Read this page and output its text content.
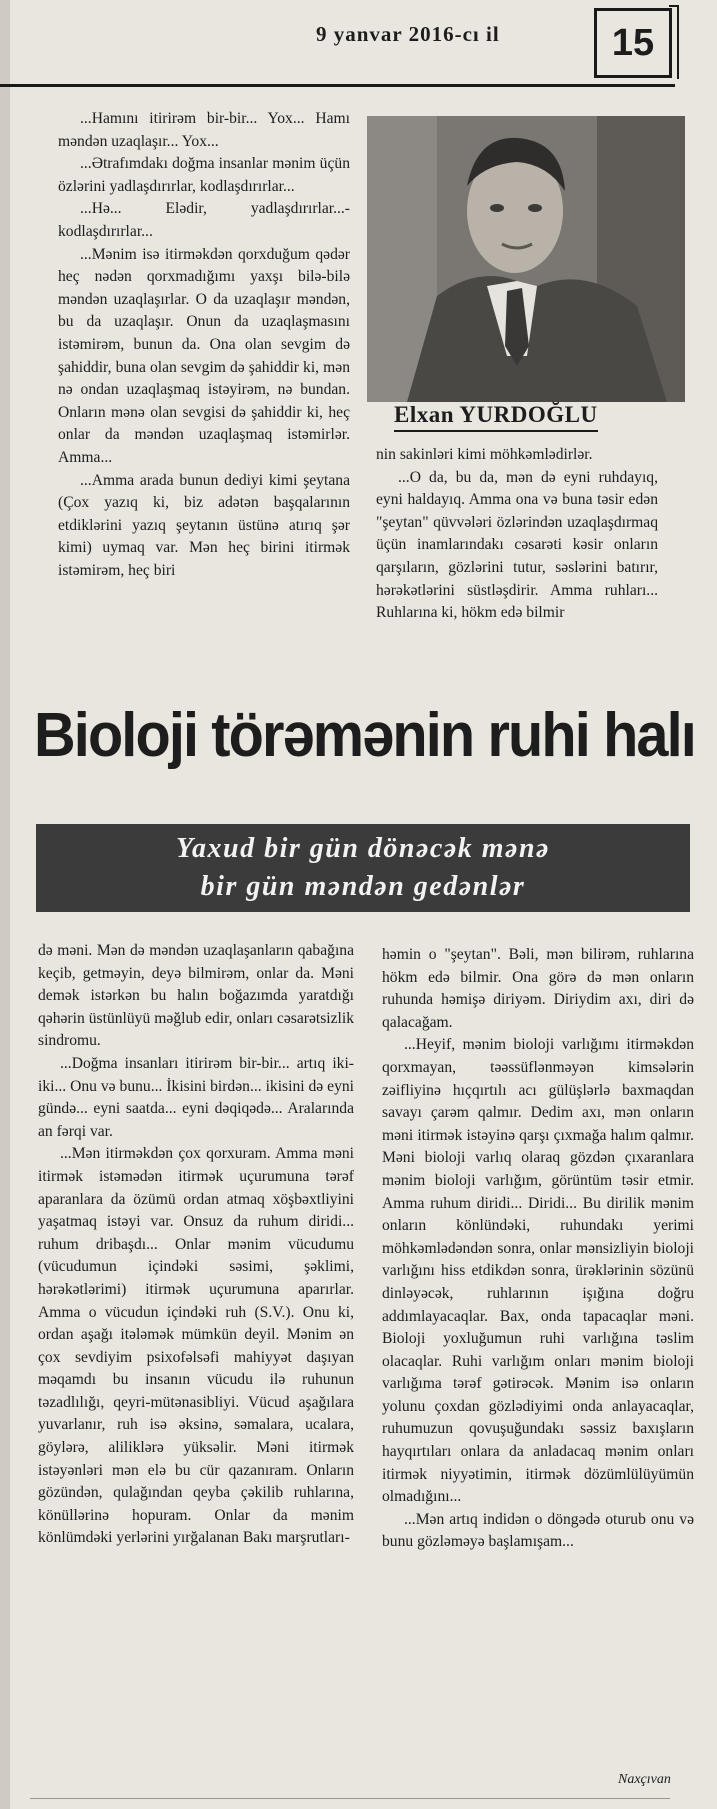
9 yanvar 2016-cı il	15

...Hamını itirirəm bir-bir... Yox... Hamı məndən uzaqlaşır... Yox...

...Ətrafımdakı doğma insanlar mənim üçün özlərini yadlaşdırırlar, kodlaşdırırlar...

...Hə... Elədir, yadlaşdırırlar...-kodlaşdırırlar...

...Mənim isə itirməkdən qorxduğum qədər heç nədən qorxmadığımı yaxşı bilə-bilə məndən uzaqlaşırlar. O da uzaqlaşır məndən, bu da uzaqlaşır. Onun da uzaqlaşmasını istəmirəm, bunun da. Ona olan sevgim də şahiddir, buna olan sevgim də şahiddir ki, mən nə ondan uzaqlaşmaq istəyirəm, nə bundan. Onların mənə olan sevgisi də şahiddir ki, heç onlar da məndən uzaqlaşmaq istəmirlər. Amma...

...Amma arada bunun dediyi kimi şeytana (Çox yazıq ki, biz adətən başqalarının etdiklərini yazıq şeytanın üstünə atırıq şər kimi) uymaq var. Mən heç birini itirmək istəmirəm, heç biri

Elxan YURDOĞLU

nin sakinləri kimi möhkəmlədirlər.

...O da, bu da, mən də eyni ruhdayıq, eyni haldayıq. Amma ona və buna təsir edən "şeytan" qüvvələri özlərindən uzaqlaşdırmaq üçün inamlarındakı cəsarəti kəsir onların qarşıların, gözlərini tutur, səslərini batırır, hərəkətlərini süstləşdirir. Amma ruhları... Ruhlarına ki, hökm edə bilmir

Bioloji törəmənin ruhi halı
Yaxud bir gün dönəcək mənə
bir gün məndən gedənlər

də məni. Mən də məndən uzaqlaşanların qabağına keçib, getməyin, deyə bilmirəm, onlar da. Məni demək istərkən bu halın boğazımda yaratdığı qəhərin üstünlüyü məğlub edir, onları cəsarətsizlik sindromu.

...Doğma insanları itirirəm bir-bir... artıq iki-iki... Onu və bunu... İkisini birdən... ikisini də eyni gündə... eyni saatda... eyni dəqiqədə... Aralarında an fərqi var.

...Mən itirməkdən çox qorxuram. Amma məni itirmək istəmədən itirmək uçurumuna tərəf aparanlara da özümü ordan atmaq xöşbəxtliyini yaşatmaq istəyi var. Onsuz da ruhum diridi... ruhum dribaşdı... Onlar mənim vücudumu (vücudumun içindəki səsimi, şəklimi, hərəkətlərimi) itirmək uçurumuna aparırlar. Amma o vücudun içindəki ruh (S.V.). Onu ki, ordan aşağı itələmək mümkün deyil. Mənim ən çox sevdiyim psixofəlsəfi mahiyyət daşıyan məqamdı bu insanın vücudu ilə ruhunun təzadlılığı, qeyri-mütənasibliyi. Vücud aşağılara yuvarlanır, ruh isə əksinə, səmalara, ucalara, göylərə, aliliklərə yüksəlir. Məni itirmək istəyənləri mən elə bu cür qazanıram. Onların gözündən, qulağından qeyba çəkilib ruhlarına, könüllərinə hopuram. Onlar da mənim könlümdəki yerlərini yırğalanan Bakı marşrutları-

həmin o "şeytan". Bəli, mən bilirəm, ruhlarına hökm edə bilmir. Ona görə də mən onların ruhunda həmişə diriyəm. Diriydim axı, diri də qalacağam.

...Heyif, mənim bioloji varlığımı itirməkdən qorxmayan, təəssüflənməyən kimsələrin zəifliyinə hıçqırtılı acı gülüşlərlə baxmaqdan savayı çarəm qalmır. Dedim axı, mən onların məni itirmək istəyinə qarşı çıxmağa halım qalmır. Məni bioloji varlıq olaraq gözdən çıxaranlara mənim bioloji varlığım, görüntüm təsir etmir. Amma ruhum diridi... Diridi... Bu dirilik mənim onların könlündəki, ruhundakı yerimi möhkəmlədəndən sonra, onlar mənsizliyin bioloji varlığını hiss etdikdən sonra, ürəklərinin sözünü dinləyəcək, ruhlarının işığına doğru addımlayacaqlar. Bax, onda tapacaqlar məni. Bioloji yoxluğumun ruhi varlığına təslim olacaqlar. Ruhi varlığım onları mənim bioloji varlığıma tərəf gətirəcək. Mənim isə onların yolunu çoxdan gözlədiyimi onda anlayacaqlar, ruhumuzun qovuşuğundakı səssiz baxışların hayqırtıları onlara da anladacaq mənim onları itirmək niyyətimin, itirmək dözümlülüyümün olmadığını...

...Mən artıq indidən o döngədə oturub onu və bunu gözləməyə başlamışam...

Naxçıvan
